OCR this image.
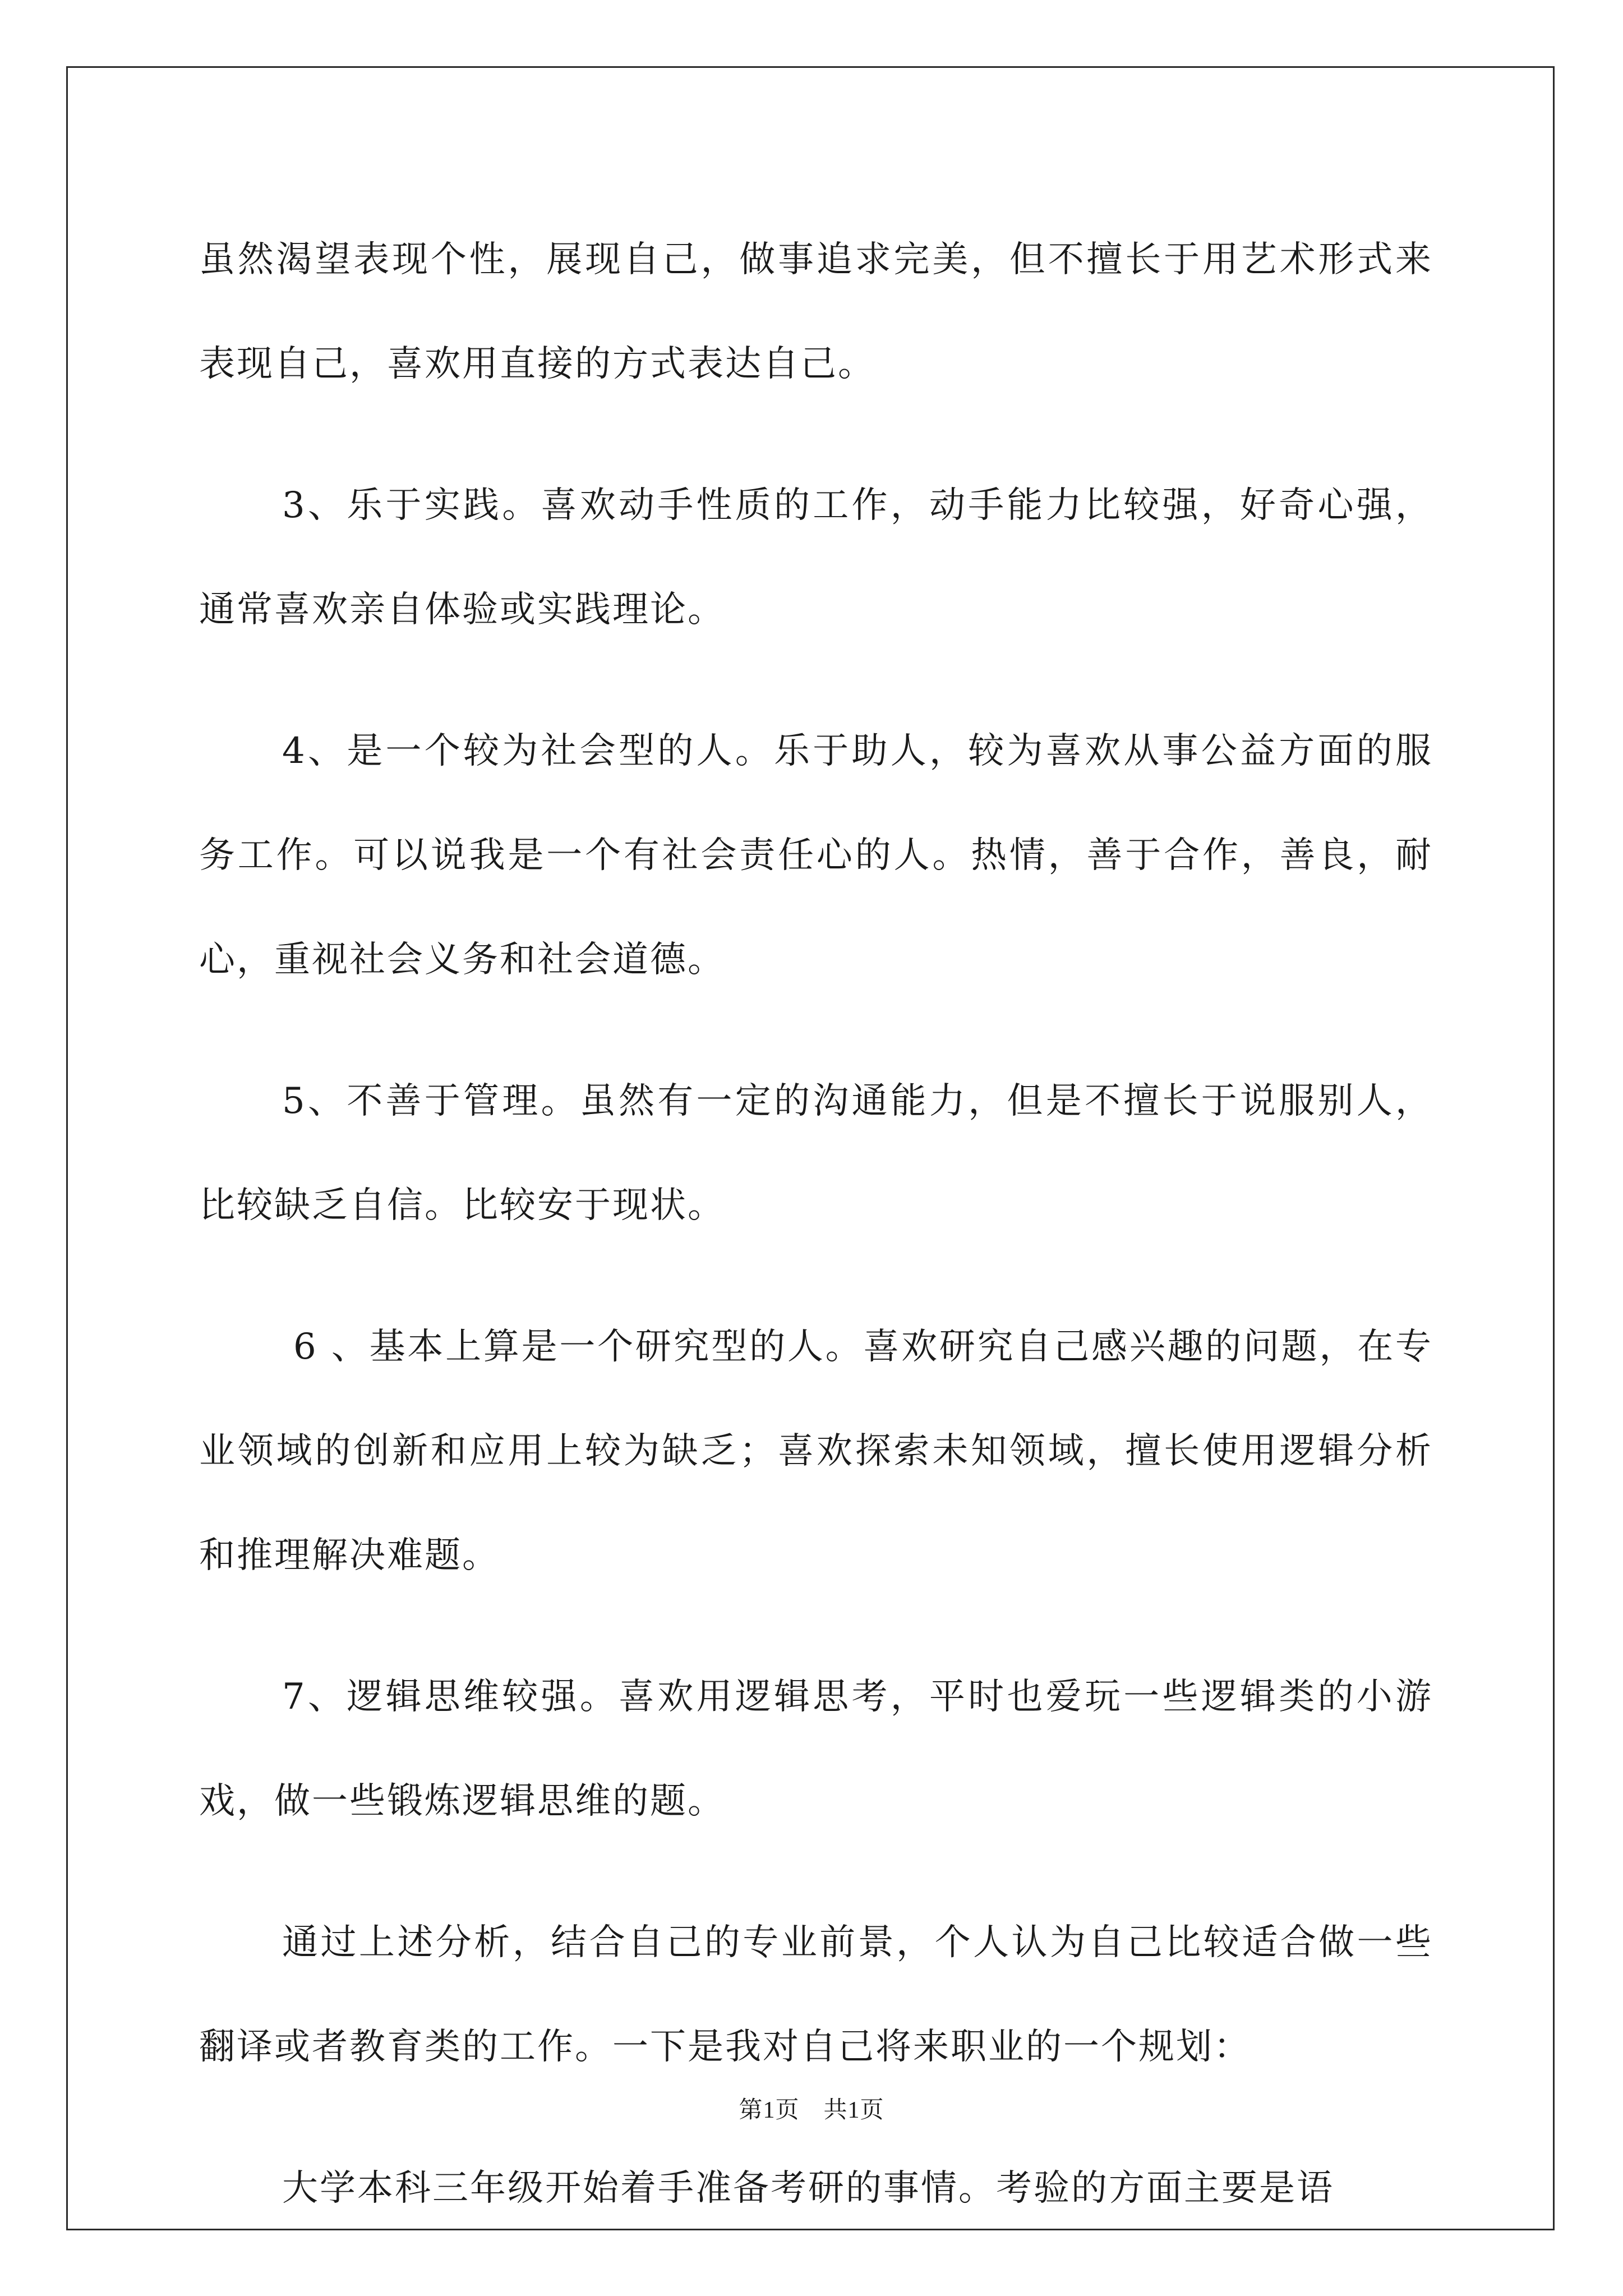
虽然渴望表现个性，展现自己，做事追求完美，但不擅长于用艺术形式来表现自己，喜欢用直接的方式表达自己。

3、乐于实践。喜欢动手性质的工作，动手能力比较强，好奇心强，通常喜欢亲自体验或实践理论。

4、是一个较为社会型的人。乐于助人，较为喜欢从事公益方面的服务工作。可以说我是一个有社会责任心的人。热情，善于合作，善良，耐心，重视社会义务和社会道德。

5、不善于管理。虽然有一定的沟通能力，但是不擅长于说服别人，比较缺乏自信。比较安于现状。

6 、基本上算是一个研究型的人。喜欢研究自己感兴趣的问题，在专业领域的创新和应用上较为缺乏；喜欢探索未知领域，擅长使用逻辑分析和推理解决难题。

7、逻辑思维较强。喜欢用逻辑思考，平时也爱玩一些逻辑类的小游戏，做一些锻炼逻辑思维的题。

通过上述分析，结合自己的专业前景，个人认为自己比较适合做一些翻译或者教育类的工作。一下是我对自己将来职业的一个规划：

大学本科三年级开始着手准备考研的事情。考验的方面主要是语

第1页　共1页
